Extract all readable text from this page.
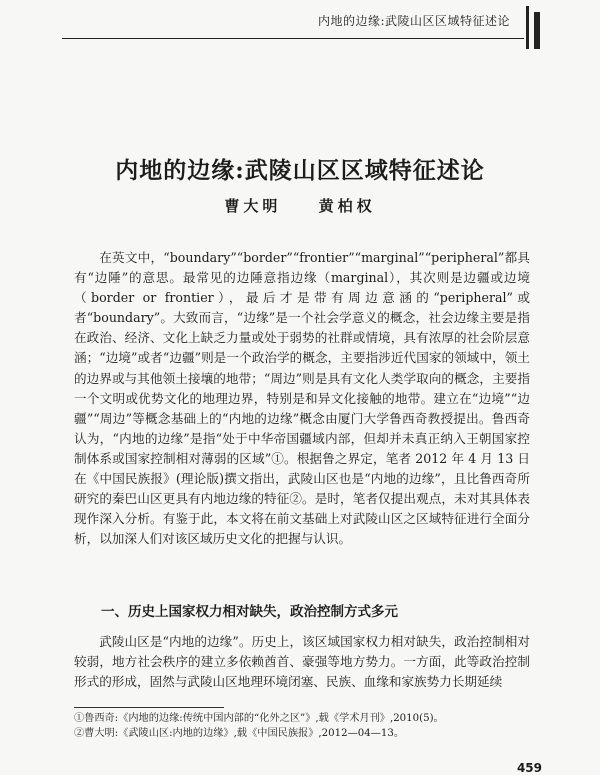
内地的边缘:武陵山区区域特征述论
内地的边缘:武陵山区区域特征述论
曹大明 黄柏权
在英文中，“boundary”“border”“frontier”“marginal”“peripheral”都具有“边陲”的意思。最常见的边陲意指边缘（marginal），其次则是边疆或边境（border or frontier），最后才是带有周边意涵的“peripheral”或者“boundary”。大致而言，“边缘”是一个社会学意义的概念，社会边缘主要是指在政治、经济、文化上缺乏力量或处于弱势的社群或情境，具有浓厚的社会阶层意涵；“边境”或者“边疆”则是一个政治学的概念，主要指涉近代国家的领域中，领土的边界或与其他领土接壤的地带；“周边”则是具有文化人类学取向的概念，主要指一个文明或优势文化的地理边界，特别是和异文化接触的地带。建立在“边境”“边疆”“周边”等概念基础上的“内地的边缘”概念由厦门大学鲁西奇教授提出。鲁西奇认为，“内地的边缘”是指“处于中华帝国疆域内部，但却并未真正纳入王朝国家控制体系或国家控制相对薄弱的区域”①。根据鲁之界定，笔者 2012 年 4 月 13 日在《中国民族报》(理论版)撰文指出，武陵山区也是“内地的边缘”，且比鲁西奇所研究的秦巴山区更具有内地边缘的特征②。是时，笔者仅提出观点，未对其具体表现作深入分析。有鉴于此，本文将在前文基础上对武陵山区之区域特征进行全面分析，以加深人们对该区域历史文化的把握与认识。
一、历史上国家权力相对缺失，政治控制方式多元
武陵山区是“内地的边缘”。历史上，该区域国家权力相对缺失，政治控制相对较弱，地方社会秩序的建立多依赖酋首、豪强等地方势力。一方面，此等政治控制形式的形成，固然与武陵山区地理环境闭塞、民族、血缘和家族势力长期延续
①鲁西奇:《内地的边缘:传统中国内部的“化外之区”》,载《学术月刊》,2010(5)。
②曹大明:《武陵山区:内地的边缘》,载《中国民族报》,2012—04—13。
459
